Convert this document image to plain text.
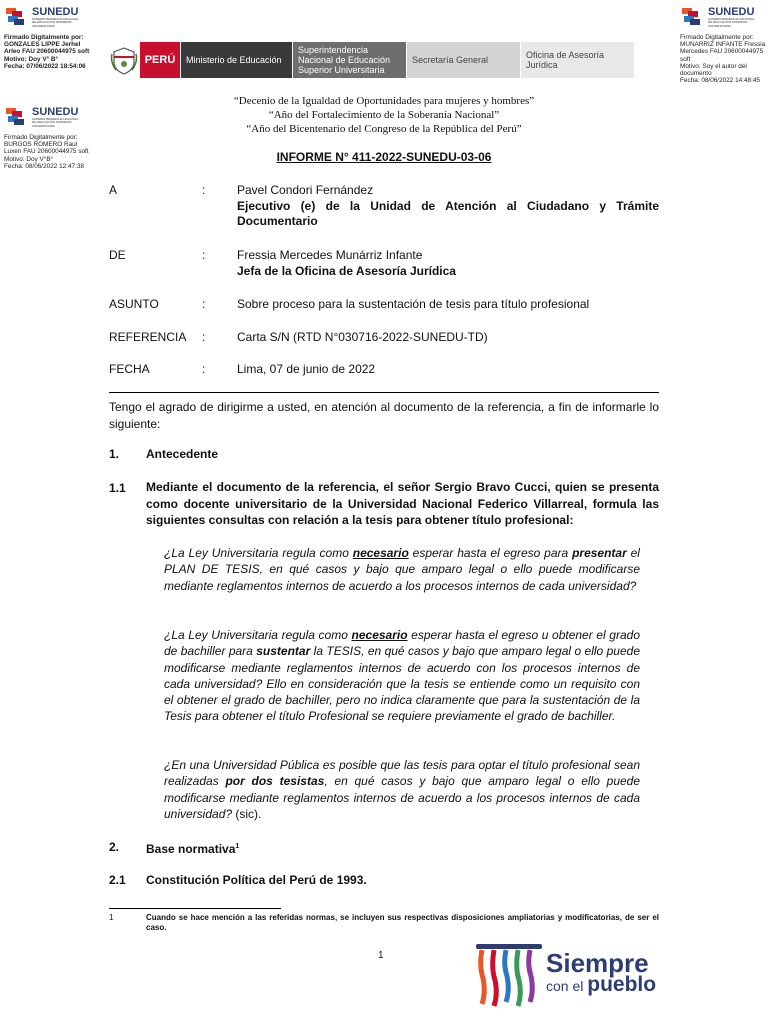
SUNEDU
SUPERINTENDENCIA NACIONAL DE EDUCACIÓN SUPERIOR UNIVERSITARIA
Firmado Digitalmente por:
GONZALES LIPPE Jerhel
Arleo FAU 20600044975 soft
Motivo: Doy V° B°
Fecha: 07/06/2022 18:54:06
SUNEDU
SUPERINTENDENCIA NACIONAL DE EDUCACIÓN SUPERIOR UNIVERSITARIA
Firmado Digitalmente por:
BURGOS ROMERO Raul
Luxen FAU 20600044975 soft
Motivo: Doy V°B°
Fecha: 08/06/2022 12:47:38
SUNEDU
SUPERINTENDENCIA NACIONAL DE EDUCACIÓN SUPERIOR UNIVERSITARIA
Firmado Digitalmente por:
MUNARRIZ INFANTE Fressia
Mercedes FAU 20600044975 soft
Motivo: Soy el autor del
documento
Fecha: 08/06/2022 14:48:45
PERÚ	Ministerio de Educación
Superintendencia Nacional de Educación Superior Universitaria
Secretaría General	Oficina de Asesoría Jurídica
“Decenio de la Igualdad de Oportunidades para mujeres y hombres”
“Año del Fortalecimiento de la Soberanía Nacional”
“Año del Bicentenario del Congreso de la República del Perú”
INFORME N° 411-2022-SUNEDU-03-06
A	:	Pavel Condori Fernández
Ejecutivo (e) de la Unidad de Atención al Ciudadano y Trámite Documentario
DE	:	Fressia Mercedes Munárriz Infante
Jefa de la Oficina de Asesoría Jurídica
ASUNTO	:	Sobre proceso para la sustentación de tesis para título profesional
REFERENCIA :	Carta S/N (RTD N°030716-2022-SUNEDU-TD)
FECHA	:	Lima, 07 de junio de 2022
Tengo el agrado de dirigirme a usted, en atención al documento de la referencia, a fin de informarle lo siguiente:
1. Antecedente
1.1 Mediante el documento de la referencia, el señor Sergio Bravo Cucci, quien se presenta como docente universitario de la Universidad Nacional Federico Villarreal, formula las siguientes consultas con relación a la tesis para obtener título profesional:
¿La Ley Universitaria regula como necesario esperar hasta el egreso para presentar el PLAN DE TESIS, en qué casos y bajo que amparo legal o ello puede modificarse mediante reglamentos internos de acuerdo a los procesos internos de cada universidad?
¿La Ley Universitaria regula como necesario esperar hasta el egreso u obtener el grado de bachiller para sustentar la TESIS, en qué casos y bajo que amparo legal o ello puede modificarse mediante reglamentos internos de acuerdo con los procesos internos de cada universidad? Ello en consideración que la tesis se entiende como un requisito con el obtener el grado de bachiller, pero no indica claramente que para la sustentación de la Tesis para obtener el título Profesional se requiere previamente el grado de bachiller.
¿En una Universidad Pública es posible que las tesis para optar el título profesional sean realizadas por dos tesistas, en qué casos y bajo que amparo legal o ello puede modificarse mediante reglamentos internos de acuerdo a los procesos internos de cada universidad? (sic).
2. Base normativa$^1$
2.1 Constitución Política del Perú de 1993.
1	Cuando se hace mención a las referidas normas, se incluyen sus respectivas disposiciones ampliatorias y modificatorias, de ser el caso.
1	Siempre
con el pueblo
